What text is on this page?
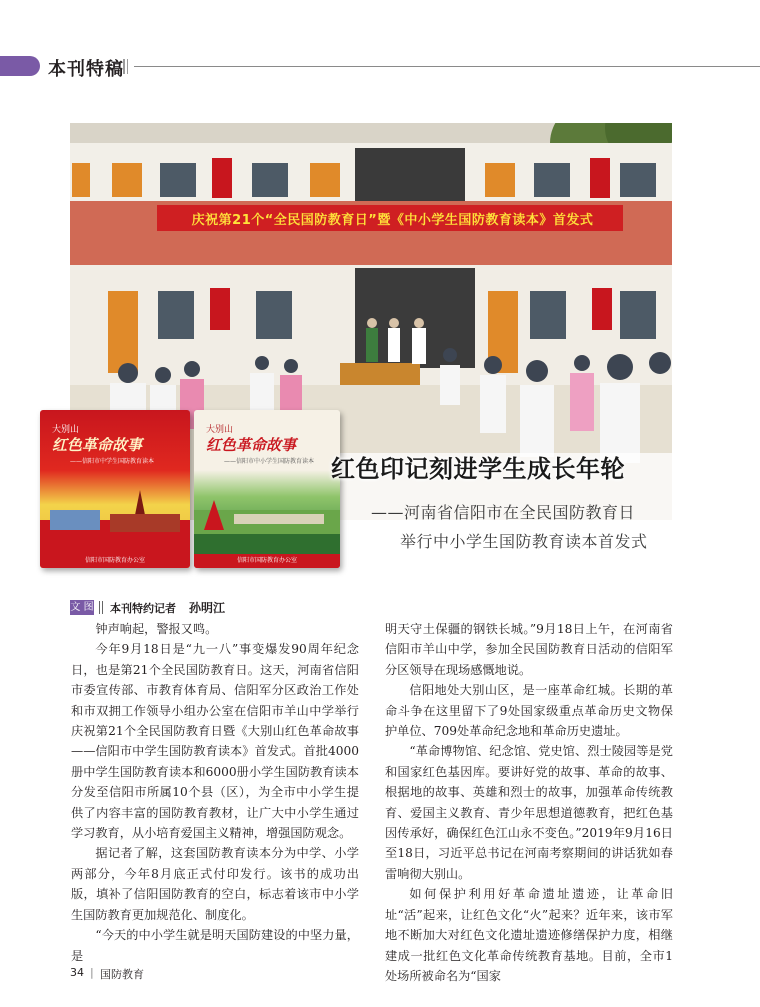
本刊特稿
庆祝第21个“全民国防教育日”暨《中小学生国防教育读本》首发式
大别山
红色革命故事
——信阳市中学生国防教育读本
信阳市国防教育办公室
大别山
红色革命故事
——信阳市中小学生国防教育读本
信阳市国防教育办公室
红色印记刻进学生成长年轮
——河南省信阳市在全民国防教育日
举行中小学生国防教育读本首发式
文 图 本刊特约记者 孙明江

钟声响起，警报又鸣。

今年9月18日是“九一八”事变爆发90周年纪念日，也是第21个全民国防教育日。这天，河南省信阳市委宣传部、市教育体育局、信阳军分区政治工作处和市双拥工作领导小组办公室在信阳市羊山中学举行庆祝第21个全民国防教育日暨《大别山红色革命故事——信阳市中学生国防教育读本》首发式。首批4000册中学生国防教育读本和6000册小学生国防教育读本分发至信阳市所属10个县（区），为全市中小学生提供了内容丰富的国防教育教材，让广大中小学生通过学习教育，从小培育爱国主义精神，增强国防观念。

据记者了解，这套国防教育读本分为中学、小学两部分，今年8月底正式付印发行。该书的成功出版，填补了信阳国防教育的空白，标志着该市中小学生国防教育更加规范化、制度化。

“今天的中小学生就是明天国防建设的中坚力量，是

明天守土保疆的钢铁长城。”9月18日上午，在河南省信阳市羊山中学，参加全民国防教育日活动的信阳军分区领导在现场感慨地说。

信阳地处大别山区，是一座革命红城。长期的革命斗争在这里留下了9处国家级重点革命历史文物保护单位、709处革命纪念地和革命历史遗址。

“革命博物馆、纪念馆、党史馆、烈士陵园等是党和国家红色基因库。要讲好党的故事、革命的故事、根据地的故事、英雄和烈士的故事，加强革命传统教育、爱国主义教育、青少年思想道德教育，把红色基因传承好，确保红色江山永不变色。”2019年9月16日至18日，习近平总书记在河南考察期间的讲话犹如春雷响彻大别山。

如何保护利用好革命遗址遗迹，让革命旧址“活”起来，让红色文化“火”起来？近年来，该市军地不断加大对红色文化遗址遗迹修缮保护力度，相继建成一批红色文化革命传统教育基地。目前，全市1处场所被命名为“国家

34 | 国防教育
